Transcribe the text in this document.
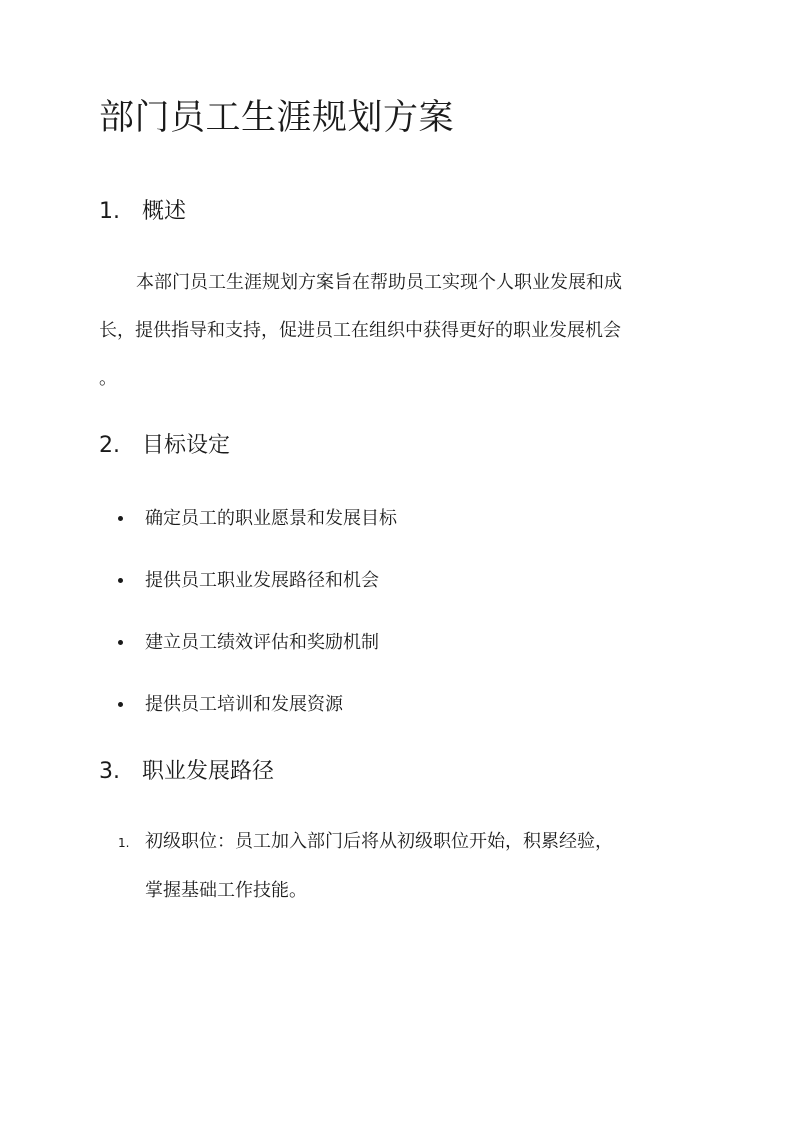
部门员工生涯规划方案
1. 概述
本部门员工生涯规划方案旨在帮助员工实现个人职业发展和成
长，提供指导和支持，促进员工在组织中获得更好的职业发展机会
。
2. 目标设定
确定员工的职业愿景和发展目标
提供员工职业发展路径和机会
建立员工绩效评估和奖励机制
提供员工培训和发展资源
3. 职业发展路径
1. 初级职位：员工加入部门后将从初级职位开始，积累经验，
掌握基础工作技能。
